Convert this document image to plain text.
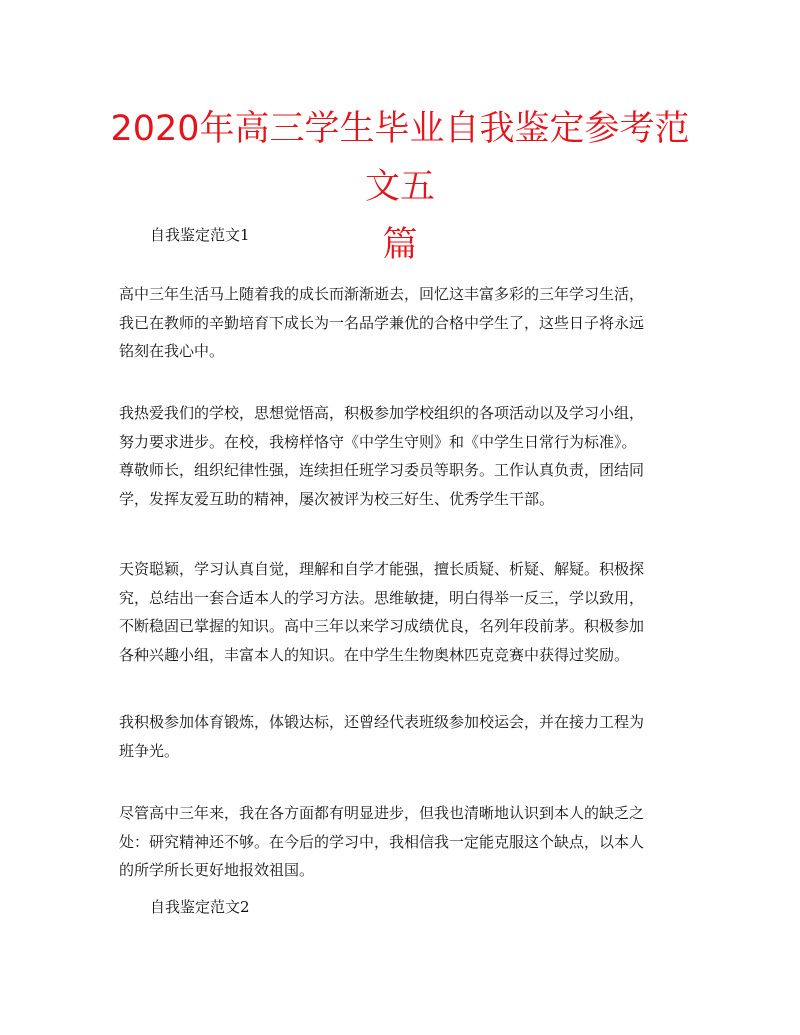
2020年高三学生毕业自我鉴定参考范文五
篇
自我鉴定范文1
高中三年生活马上随着我的成长而渐渐逝去，回忆这丰富多彩的三年学习生活，
我已在教师的辛勤培育下成长为一名品学兼优的合格中学生了，这些日子将永远
铭刻在我心中。
我热爱我们的学校，思想觉悟高，积极参加学校组织的各项活动以及学习小组，
努力要求进步。在校，我榜样恪守《中学生守则》和《中学生日常行为标准》。
尊敬师长，组织纪律性强，连续担任班学习委员等职务。工作认真负责，团结同
学，发挥友爱互助的精神，屡次被评为校三好生、优秀学生干部。
天资聪颖，学习认真自觉，理解和自学才能强，擅长质疑、析疑、解疑。积极探
究，总结出一套合适本人的学习方法。思维敏捷，明白得举一反三，学以致用，
不断稳固已掌握的知识。高中三年以来学习成绩优良，名列年段前茅。积极参加
各种兴趣小组，丰富本人的知识。在中学生生物奥林匹克竞赛中获得过奖励。
我积极参加体育锻炼，体锻达标，还曾经代表班级参加校运会，并在接力工程为
班争光。
尽管高中三年来，我在各方面都有明显进步，但我也清晰地认识到本人的缺乏之
处：研究精神还不够。在今后的学习中，我相信我一定能克服这个缺点，以本人
的所学所长更好地报效祖国。
自我鉴定范文2
